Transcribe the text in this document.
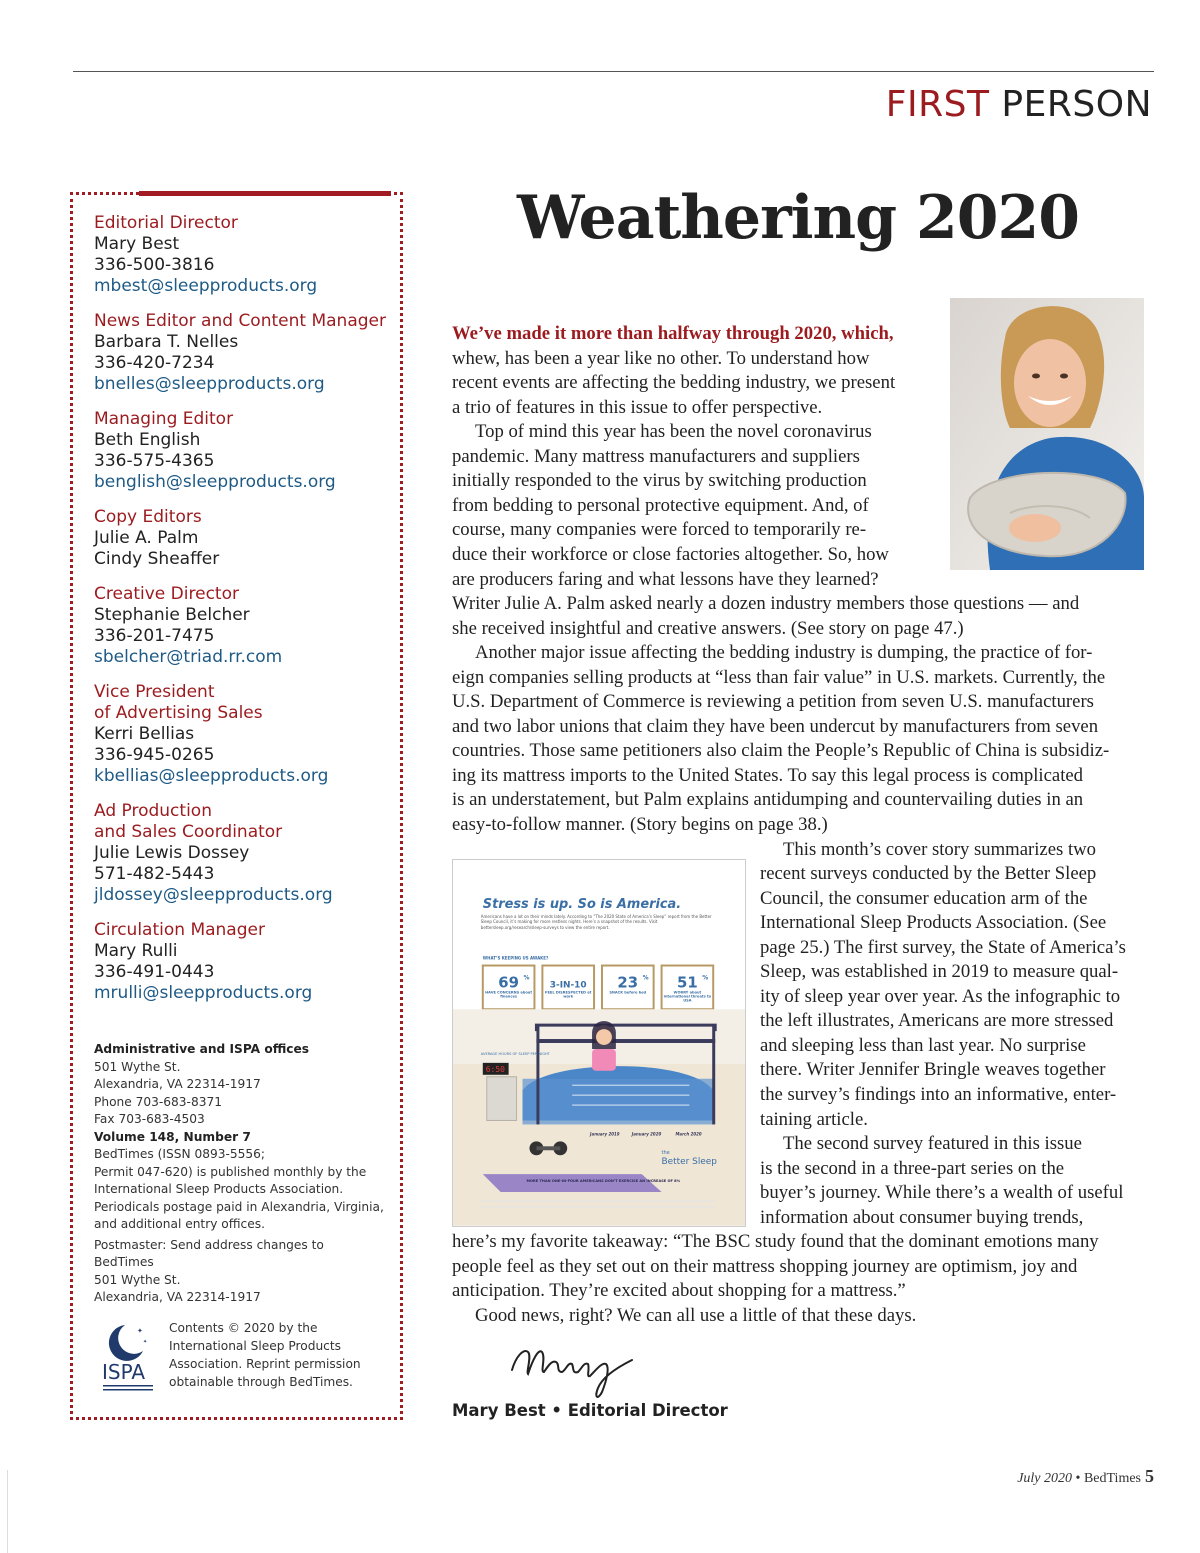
FIRST PERSON
Editorial Director
Mary Best
336-500-3816
mbest@sleepproducts.org
News Editor and Content Manager
Barbara T. Nelles
336-420-7234
bnelles@sleepproducts.org
Managing Editor
Beth English
336-575-4365
benglish@sleepproducts.org
Copy Editors
Julie A. Palm
Cindy Sheaffer
Creative Director
Stephanie Belcher
336-201-7475
sbelcher@triad.rr.com
Vice President
of Advertising Sales
Kerri Bellias
336-945-0265
kbellias@sleepproducts.org
Ad Production
and Sales Coordinator
Julie Lewis Dossey
571-482-5443
jldossey@sleepproducts.org
Circulation Manager
Mary Rulli
336-491-0443
mrulli@sleepproducts.org
Administrative and ISPA offices
501 Wythe St.
Alexandria, VA 22314-1917
Phone 703-683-8371
Fax 703-683-4503
Volume 148, Number 7
BedTimes (ISSN 0893-5556;
Permit 047-620) is published monthly by the
International Sleep Products Association.
Periodicals postage paid in Alexandria, Virginia,
and additional entry offices.
Postmaster: Send address changes to
BedTimes
501 Wythe St.
Alexandria, VA 22314-1917
✦
✦
ISPA
Contents © 2020 by the
International Sleep Products
Association. Reprint permission
obtainable through BedTimes.
Weathering 2020
We’ve made it more than halfway through 2020, which,
whew, has been a year like no other. To understand how
recent events are affecting the bedding industry, we present
a trio of features in this issue to offer perspective.
Top of mind this year has been the novel coronavirus
pandemic. Many mattress manufacturers and suppliers
initially responded to the virus by switching production
from bedding to personal protective equipment. And, of
course, many companies were forced to temporarily re-
duce their workforce or close factories altogether. So, how
are producers faring and what lessons have they learned?
Writer Julie A. Palm asked nearly a dozen industry members those questions — and
she received insightful and creative answers. (See story on page 47.)
Another major issue affecting the bedding industry is dumping, the practice of for-
eign companies selling products at “less than fair value” in U.S. markets. Currently, the
U.S. Department of Commerce is reviewing a petition from seven U.S. manufacturers
and two labor unions that claim they have been undercut by manufacturers from seven
countries. Those same petitioners also claim the People’s Republic of China is subsidiz-
ing its mattress imports to the United States. To say this legal process is complicated
is an understatement, but Palm explains antidumping and countervailing duties in an
easy-to-follow manner. (Story begins on page 38.)
This month’s cover story summarizes two
recent surveys conducted by the Better Sleep
Council, the consumer education arm of the
International Sleep Products Association. (See
page 25.) The first survey, the State of America’s
Sleep, was established in 2019 to measure qual-
ity of sleep year over year. As the infographic to
the left illustrates, Americans are more stressed
and sleeping less than last year. No surprise
there. Writer Jennifer Bringle weaves together
the survey’s findings into an informative, enter-
taining article.
The second survey featured in this issue
is the second in a three-part series on the
buyer’s journey. While there’s a wealth of useful
information about consumer buying trends,
here’s my favorite takeaway: “The BSC study found that the dominant emotions many
people feel as they set out on their mattress shopping journey are optimism, joy and
anticipation. They’re excited about shopping for a mattress.”
Good news, right? We can all use a little of that these days.
Stress is up. So is America.
Americans have a lot on their minds lately. According to “The 2020 State of America’s Sleep” report from the Better Sleep Council, it’s making for more restless nights. Here’s a snapshot of the results. Visit bettersleep.org/research/sleep-surveys to view the entire report.
WHAT’S KEEPING US AWAKE?
69 %
HAVE CONCERNS about finances
3-IN-10
FEEL DISRESPECTED at work
23 %
SNACK before bed
51 %
WORRY about international threats to USA
6:50
AVERAGE HOURS OF SLEEP PER NIGHT
January 2019	January 2020	March 2020
MORE THAN ONE-IN-FOUR AMERICANS DON’T EXERCISE AN INCREASE OF 8%
the
Better Sleep
Mary Best • Editorial Director
July 2020 • BedTimes 5
